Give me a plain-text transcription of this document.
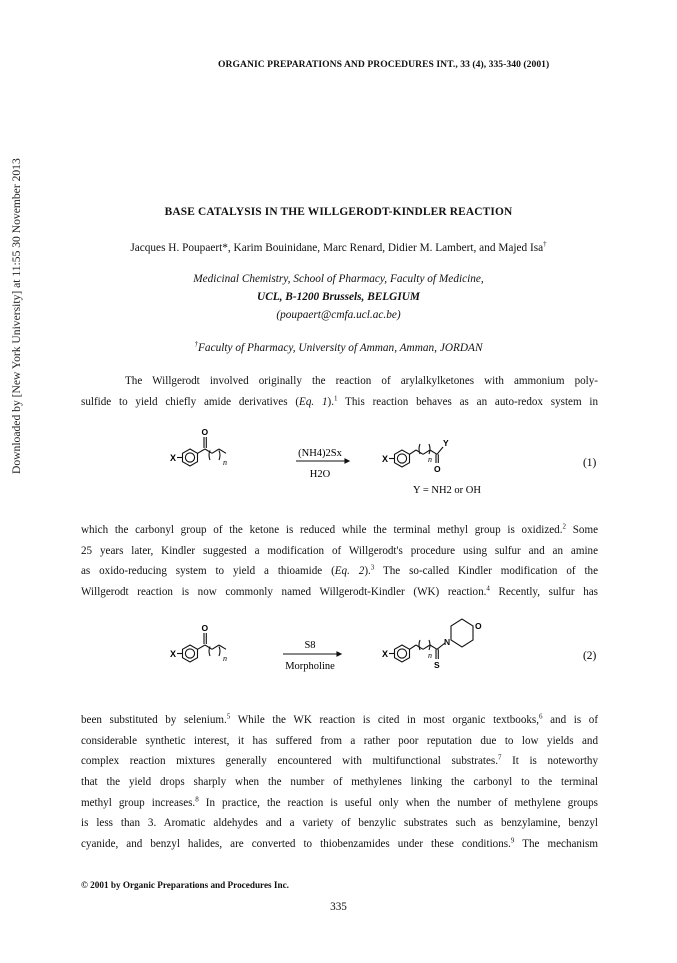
ORGANIC PREPARATIONS AND PROCEDURES INT., 33 (4), 335-340 (2001)
Downloaded by [New York University] at 11:55 30 November 2013	BASE CATALYSIS IN THE WILLGERODT-KINDLER REACTION
Jacques H. Poupaert*, Karim Bouinidane, Marc Renard, Didier M. Lambert, and Majed Isa†
Medicinal Chemistry, School of Pharmacy, Faculty of Medicine,
UCL, B-1200 Brussels, BELGIUM
(poupaert@cmfa.ucl.ac.be)
†Faculty of Pharmacy, University of Amman, Amman, JORDAN
The Willgerodt involved originally the reaction of arylalkylketones with ammonium poly-
sulfide to yield chiefly amide derivatives (Eq. 1).$^1$ This reaction behaves as an auto-redox system in
X
O
n
(NH4)2Sx
H2O
X
Y
O
n
Y = NH2 or OH
(1)
which the carbonyl group of the ketone is reduced while the terminal methyl group is oxidized.$^2$ Some
25 years later, Kindler suggested a modification of Willgerodt's procedure using sulfur and an amine
as oxido-reducing system to yield a thioamide (Eq. 2).$^3$ The so-called Kindler modification of the
Willgerodt reaction is now commonly named Willgerodt-Kindler (WK) reaction.$^4$ Recently, sulfur has
X
O
n
S8
Morpholine
X
N
O
S
n	(2)
been substituted by selenium.$^5$ While the WK reaction is cited in most organic textbooks,$^6$ and is of
considerable synthetic interest, it has suffered from a rather poor reputation due to low yields and
complex reaction mixtures generally encountered with multifunctional substrates.$^7$ It is noteworthy
that the yield drops sharply when the number of methylenes linking the carbonyl to the terminal
methyl group increases.$^8$ In practice, the reaction is useful only when the number of methylene groups
is less than 3. Aromatic aldehydes and a variety of benzylic substrates such as benzylamine, benzyl
cyanide, and benzyl halides, are converted to thiobenzamides under these conditions.$^9$ The mechanism
© 2001 by Organic Preparations and Procedures Inc.
335
